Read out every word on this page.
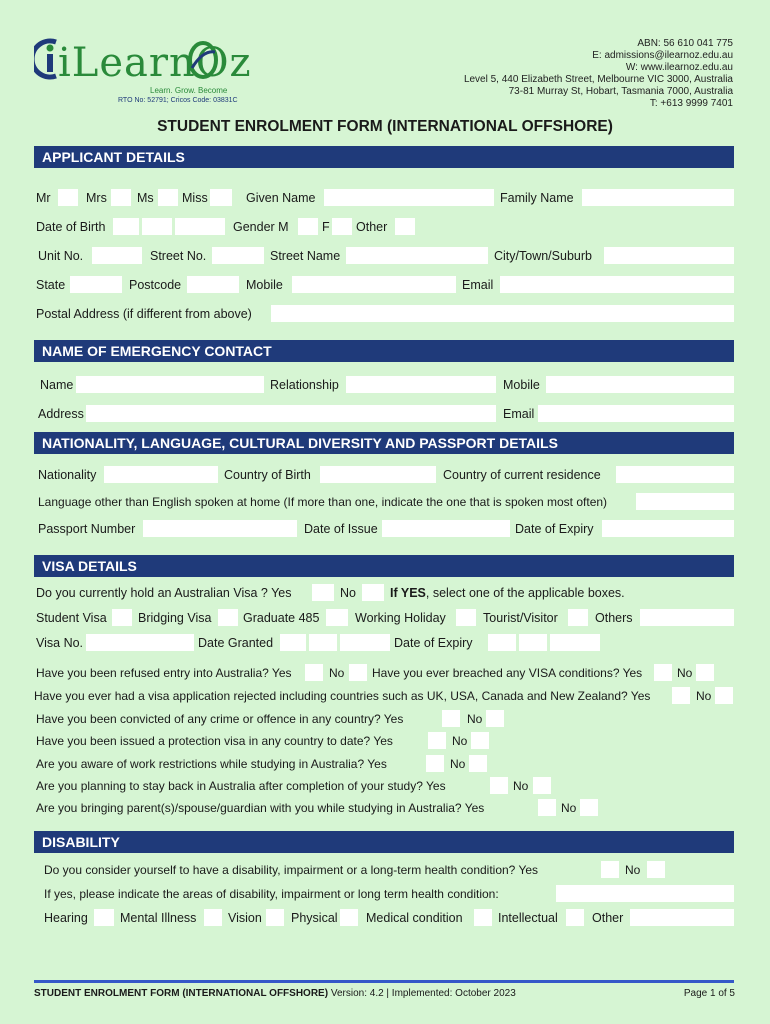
iLearnOz
Learn. Grow. Become
RTO No: 52791; Cricos Code: 03831C
ABN: 56 610 041 775
E: admissions@ilearnoz.edu.au
W: www.ilearnoz.edu.au
Level 5, 440 Elizabeth Street, Melbourne VIC 3000, Australia
73-81 Murray St, Hobart, Tasmania 7000, Australia
T: +613 9999 7401
STUDENT ENROLMENT FORM (INTERNATIONAL OFFSHORE)
APPLICANT DETAILS
Mr	Mrs Ms Miss	Given Name	Family Name
Date of Birth	Gender M	F Other
Unit No.	Street No.	Street Name	City/Town/Suburb
State	Postcode	Mobile	Email
Postal Address (if different from above)
NAME OF EMERGENCY CONTACT
Name	Relationship	Mobile
Address	Email
NATIONALITY, LANGUAGE, CULTURAL DIVERSITY AND PASSPORT DETAILS
Nationality	Country of Birth	Country of current residence
Language other than English spoken at home (If more than one, indicate the one that is spoken most often)
Passport Number	Date of Issue	Date of Expiry
VISA DETAILS
Do you currently hold an Australian Visa ? Yes	No	If YES, select one of the applicable boxes.
Student Visa	Bridging Visa	Graduate 485	Working Holiday	Tourist/Visitor	Others
Visa No.	Date Granted	Date of Expiry
Have you been refused entry into Australia? Yes	No Have you ever breached any VISA conditions? Yes	No
Have you ever had a visa application rejected including countries such as UK, USA, Canada and New Zealand? Yes	No
Have you been convicted of any crime or offence in any country? Yes	No
Have you been issued a protection visa in any country to date? Yes	No
Are you aware of work restrictions while studying in Australia? Yes	No
Are you planning to stay back in Australia after completion of your study? Yes	No
Are you bringing parent(s)/spouse/guardian with you while studying in Australia? Yes	No
DISABILITY
Do you consider yourself to have a disability, impairment or a long-term health condition? Yes	No
If yes, please indicate the areas of disability, impairment or long term health condition:
Hearing	Mental Illness	Vision Physical Medical condition	Intellectual	Other
STUDENT ENROLMENT FORM (INTERNATIONAL OFFSHORE) Version: 4.2 | Implemented: October 2023	Page 1 of 5
